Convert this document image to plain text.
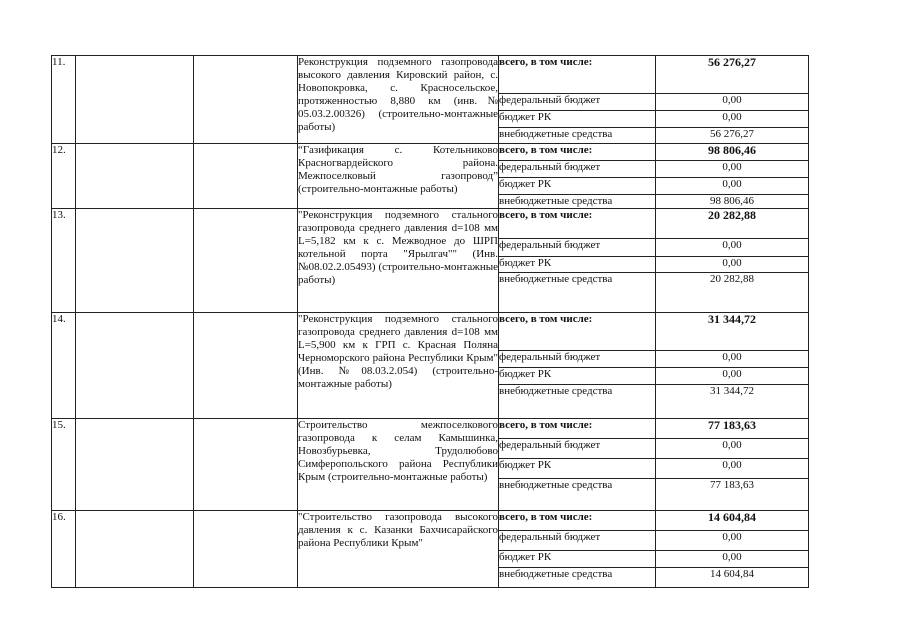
11.			Реконструкция подземного газопровода высокого давления Кировский район, с. Новопокровка, с. Красносельское, протяженностью 8,880 км (инв.№ 05.03.2.00326) (строительно-монтажные работы)	всего, в том числе:	56 276,27
				федеральный бюджет	0,00
				бюджет РК	0,00
				внебюджетные средства	56 276,27
12.			“Газификация с. Котельниково Красногвардейского района. Межпоселковый газопровод” (строительно-монтажные работы)	всего, в том числе:	98 806,46
				федеральный бюджет	0,00
				бюджет РК	0,00
				внебюджетные средства	98 806,46
13.			"Реконструкция подземного стального газопровода среднего давления d=108 мм L=5,182 км к с. Межводное до ШРП котельной порта "Ярылгач"" (Инв. №08.02.2.05493) (строительно-монтажные работы)	всего, в том числе:	20 282,88
				федеральный бюджет	0,00
				бюджет РК	0,00
				внебюджетные средства	20 282,88
14.			"Реконструкция подземного стального газопровода среднего давления d=108 мм L=5,900 км к ГРП с. Красная Поляна Черноморского района Республики Крым" (Инв. №08.03.2.054) (строительно-монтажные работы)	всего, в том числе:	31 344,72
				федеральный бюджет	0,00
				бюджет РК	0,00
				внебюджетные средства	31 344,72
15.			Строительство межпоселкового газопровода к селам Камышинка, Новозбурьевка, Трудолюбово Симферопольского района Республики Крым (строительно-монтажные работы)	всего, в том числе:	77 183,63
				федеральный бюджет	0,00
				бюджет РК	0,00
				внебюджетные средства	77 183,63
16.			"Строительство газопровода высокого давления к с. Казанки Бахчисарайского района Республики Крым"	всего, в том числе:	14 604,84
				федеральный бюджет	0,00
				бюджет РК	0,00
				внебюджетные средства	14 604,84
